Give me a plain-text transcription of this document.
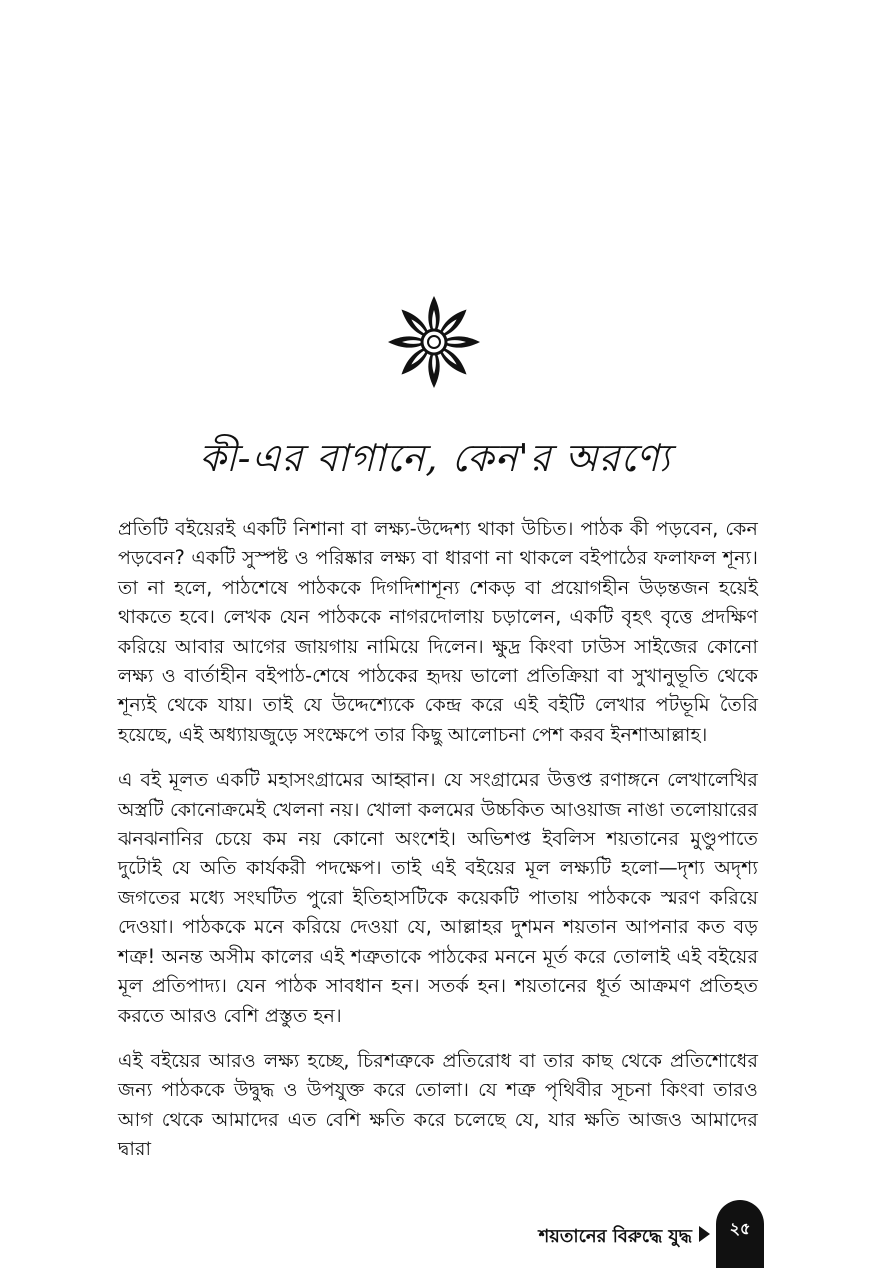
কী-এর বাগানে, কেন'র অরণ্যে

প্রতিটি বইয়েরই একটি নিশানা বা লক্ষ্য-উদ্দেশ্য থাকা উচিত। পাঠক কী পড়বেন, কেন পড়বেন? একটি সুস্পষ্ট ও পরিষ্কার লক্ষ্য বা ধারণা না থাকলে বইপাঠের ফলাফল শূন্য। তা না হলে, পাঠশেষে পাঠককে দিগদিশাশূন্য শেকড় বা প্রয়োগহীন উড়ন্তজন হয়েই থাকতে হবে। লেখক যেন পাঠককে নাগরদোলায় চড়ালেন, একটি বৃহৎ বৃত্তে প্রদক্ষিণ করিয়ে আবার আগের জায়গায় নামিয়ে দিলেন। ক্ষুদ্র কিংবা ঢাউস সাইজের কোনো লক্ষ্য ও বার্তাহীন বইপাঠ-শেষে পাঠকের হৃদয় ভালো প্রতিক্রিয়া বা সুখানুভূতি থেকে শূন্যই থেকে যায়। তাই যে উদ্দেশ্যেকে কেন্দ্র করে এই বইটি লেখার পটভূমি তৈরি হয়েছে, এই অধ্যায়জুড়ে সংক্ষেপে তার কিছু আলোচনা পেশ করব ইনশাআল্লাহ।

এ বই মূলত একটি মহাসংগ্রামের আহ্বান। যে সংগ্রামের উত্তপ্ত রণাঙ্গনে লেখালেখির অস্ত্রটি কোনোক্রমেই খেলনা নয়। খোলা কলমের উচ্চকিত আওয়াজ নাঙা তলোয়ারের ঝনঝনানির চেয়ে কম নয় কোনো অংশেই। অভিশপ্ত ইবলিস শয়তানের মুণ্ডুপাতে দুটোই যে অতি কার্যকরী পদক্ষেপ। তাই এই বইয়ের মূল লক্ষ্যটি হলো—দৃশ্য অদৃশ্য জগতের মধ্যে সংঘটিত পুরো ইতিহাসটিকে কয়েকটি পাতায় পাঠককে স্মরণ করিয়ে দেওয়া। পাঠককে মনে করিয়ে দেওয়া যে, আল্লাহর দুশমন শয়তান আপনার কত বড় শত্রু! অনন্ত অসীম কালের এই শত্রুতাকে পাঠকের মননে মূর্ত করে তোলাই এই বইয়ের মূল প্রতিপাদ্য। যেন পাঠক সাবধান হন। সতর্ক হন। শয়তানের ধূর্ত আক্রমণ প্রতিহত করতে আরও বেশি প্রস্তুত হন।

এই বইয়ের আরও লক্ষ্য হচ্ছে, চিরশত্রুকে প্রতিরোধ বা তার কাছ থেকে প্রতিশোধের জন্য পাঠককে উদ্বুদ্ধ ও উপযুক্ত করে তোলা। যে শত্রু পৃথিবীর সূচনা কিংবা তারও আগ থেকে আমাদের এত বেশি ক্ষতি করে চলেছে যে, যার ক্ষতি আজও আমাদের দ্বারা

শয়তানের বিরুদ্ধে যুদ্ধ	২৫
